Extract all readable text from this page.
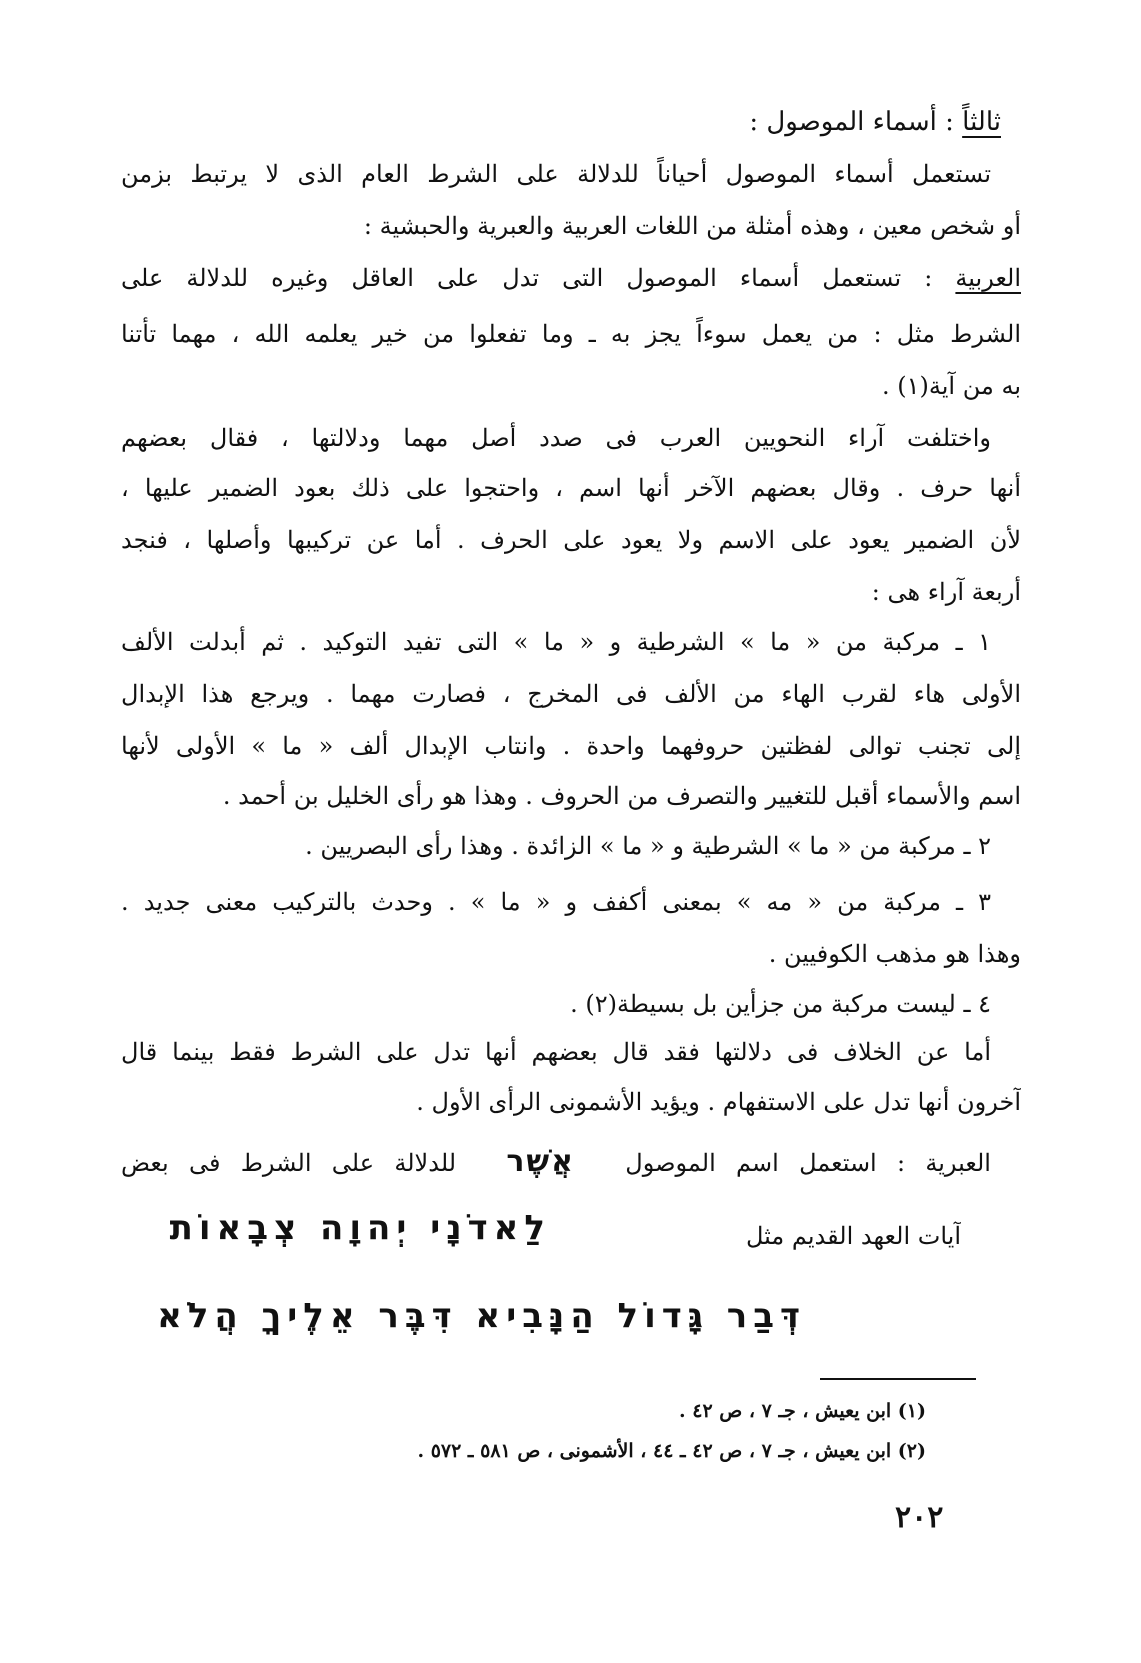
ثالثاً : أسماء الموصول :
تستعمل أسماء الموصول أحياناً للدلالة على الشرط العام الذى لا يرتبط بزمن
أو شخص معين ، وهذه أمثلة من اللغات العربية والعبرية والحبشية :
العربية : تستعمل أسماء الموصول التى تدل على العاقل وغيره للدلالة على
الشرط مثل : من يعمل سوءاً يجز به ـ وما تفعلوا من خير يعلمه الله ، مهما تأتنا
به من آية(١) .
واختلفت آراء النحويين العرب فى صدد أصل مهما ودلالتها ، فقال بعضهم
أنها حرف . وقال بعضهم الآخر أنها اسم ، واحتجوا على ذلك بعود الضمير عليها ،
لأن الضمير يعود على الاسم ولا يعود على الحرف . أما عن تركيبها وأصلها ، فنجد
أربعة آراء هى :
١ ـ مركبة من « ما » الشرطية و « ما » التى تفيد التوكيد . ثم أبدلت الألف
الأولى هاء لقرب الهاء من الألف فى المخرج ، فصارت مهما . ويرجع هذا الإبدال
إلى تجنب توالى لفظتين حروفهما واحدة . وانتاب الإبدال ألف « ما » الأولى لأنها
اسم والأسماء أقبل للتغيير والتصرف من الحروف . وهذا هو رأى الخليل بن أحمد .
٢ ـ مركبة من « ما » الشرطية و « ما » الزائدة . وهذا رأى البصريين .
٣ ـ مركبة من « مه » بمعنى أكفف و « ما » . وحدث بالتركيب معنى جديد .
وهذا هو مذهب الكوفيين .
٤ ـ ليست مركبة من جزأين بل بسيطة(٢) .
أما عن الخلاف فى دلالتها فقد قال بعضهم أنها تدل على الشرط فقط بينما قال
آخرون أنها تدل على الاستفهام . ويؤيد الأشمونى الرأى الأول .
العبرية : استعمل اسم الموصول אֲשֶׁר للدلالة على الشرط فى بعض
آيات العهد القديم مثل
לַאדֹנָי יְהוָה צְבָאוֹת
דְּבַר גָּדוֹל הַנָּבִיא דִּבֶּר אֵלֶיךָ הֲלֹא
(١) ابن يعيش ، جـ ٧ ، ص ٤٢ .
(٢) ابن يعيش ، جـ ٧ ، ص ٤٢ ـ ٤٤ ، الأشمونى ، ص ٥٨١ ـ ٥٧٢ .
٢٠٢
